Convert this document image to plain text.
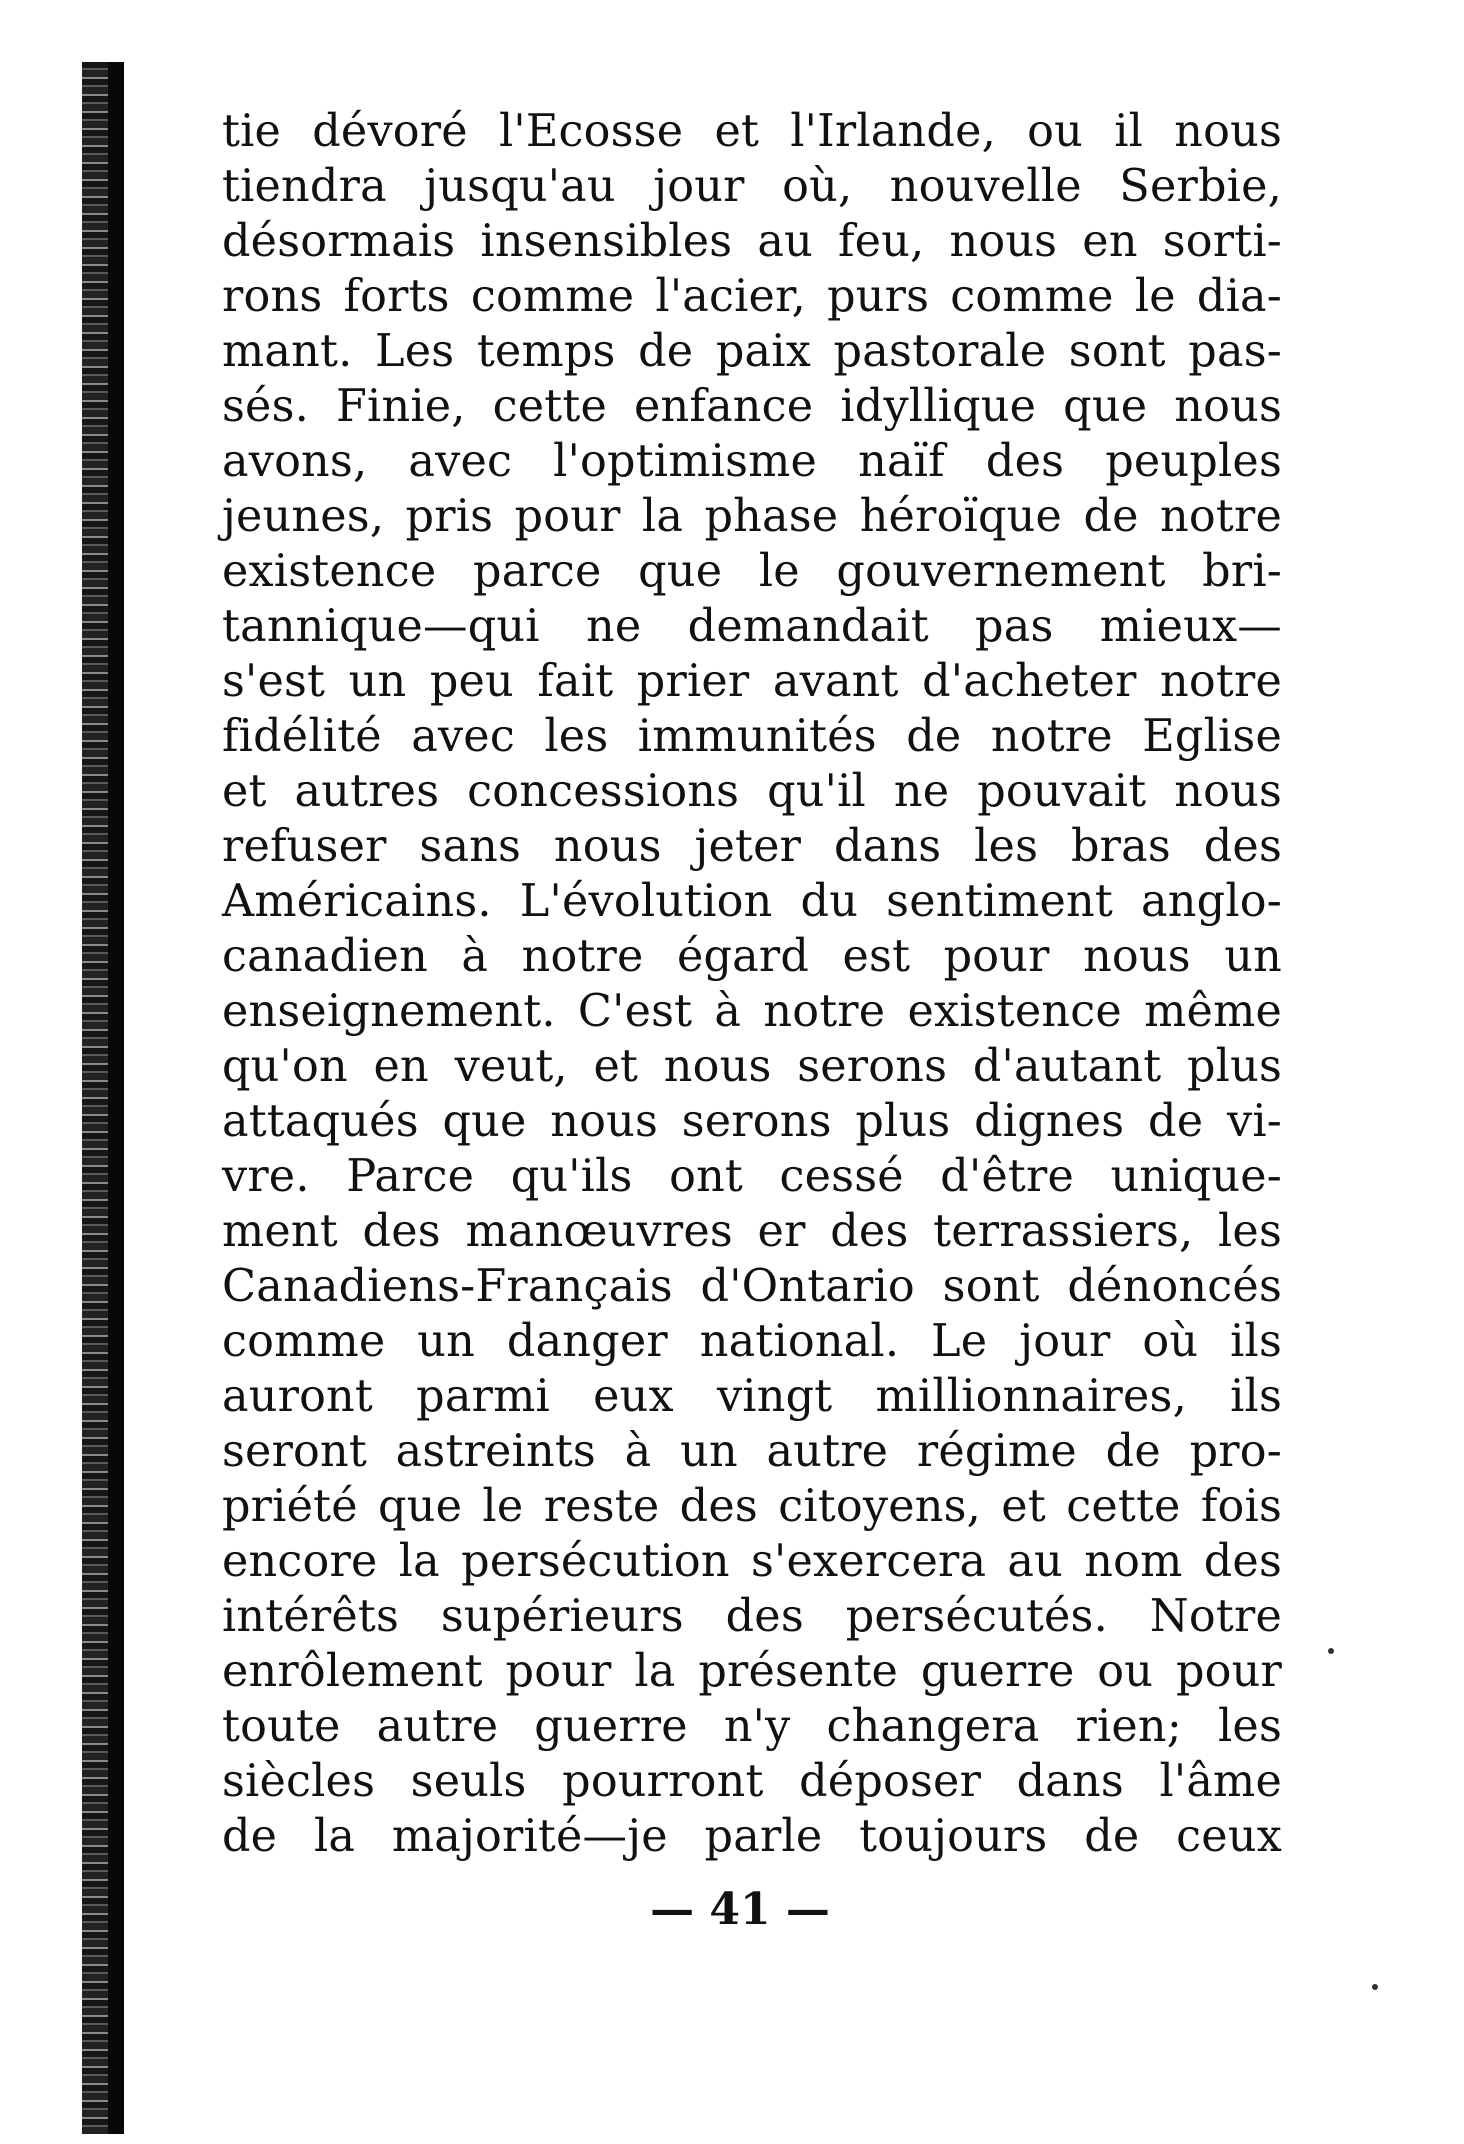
tie dévoré l'Ecosse et l'Irlande, ou il nous
tiendra jusqu'au jour où, nouvelle Serbie,
désormais insensibles au feu, nous en sorti-
rons forts comme l'acier, purs comme le dia-
mant. Les temps de paix pastorale sont pas-
sés. Finie, cette enfance idyllique que nous
avons, avec l'optimisme naïf des peuples
jeunes, pris pour la phase héroïque de notre
existence parce que le gouvernement bri-
tannique—qui ne demandait pas mieux—
s'est un peu fait prier avant d'acheter notre
fidélité avec les immunités de notre Eglise
et autres concessions qu'il ne pouvait nous
refuser sans nous jeter dans les bras des
Américains. L'évolution du sentiment anglo-
canadien à notre égard est pour nous un
enseignement. C'est à notre existence même
qu'on en veut, et nous serons d'autant plus
attaqués que nous serons plus dignes de vi-
vre. Parce qu'ils ont cessé d'être unique-
ment des manœuvres er des terrassiers, les
Canadiens-Français d'Ontario sont dénoncés
comme un danger national. Le jour où ils
auront parmi eux vingt millionnaires, ils
seront astreints à un autre régime de pro-
priété que le reste des citoyens, et cette fois
encore la persécution s'exercera au nom des
intérêts supérieurs des persécutés. Notre
enrôlement pour la présente guerre ou pour
toute autre guerre n'y changera rien; les
siècles seuls pourront déposer dans l'âme
de la majorité—je parle toujours de ceux

— 41 —
